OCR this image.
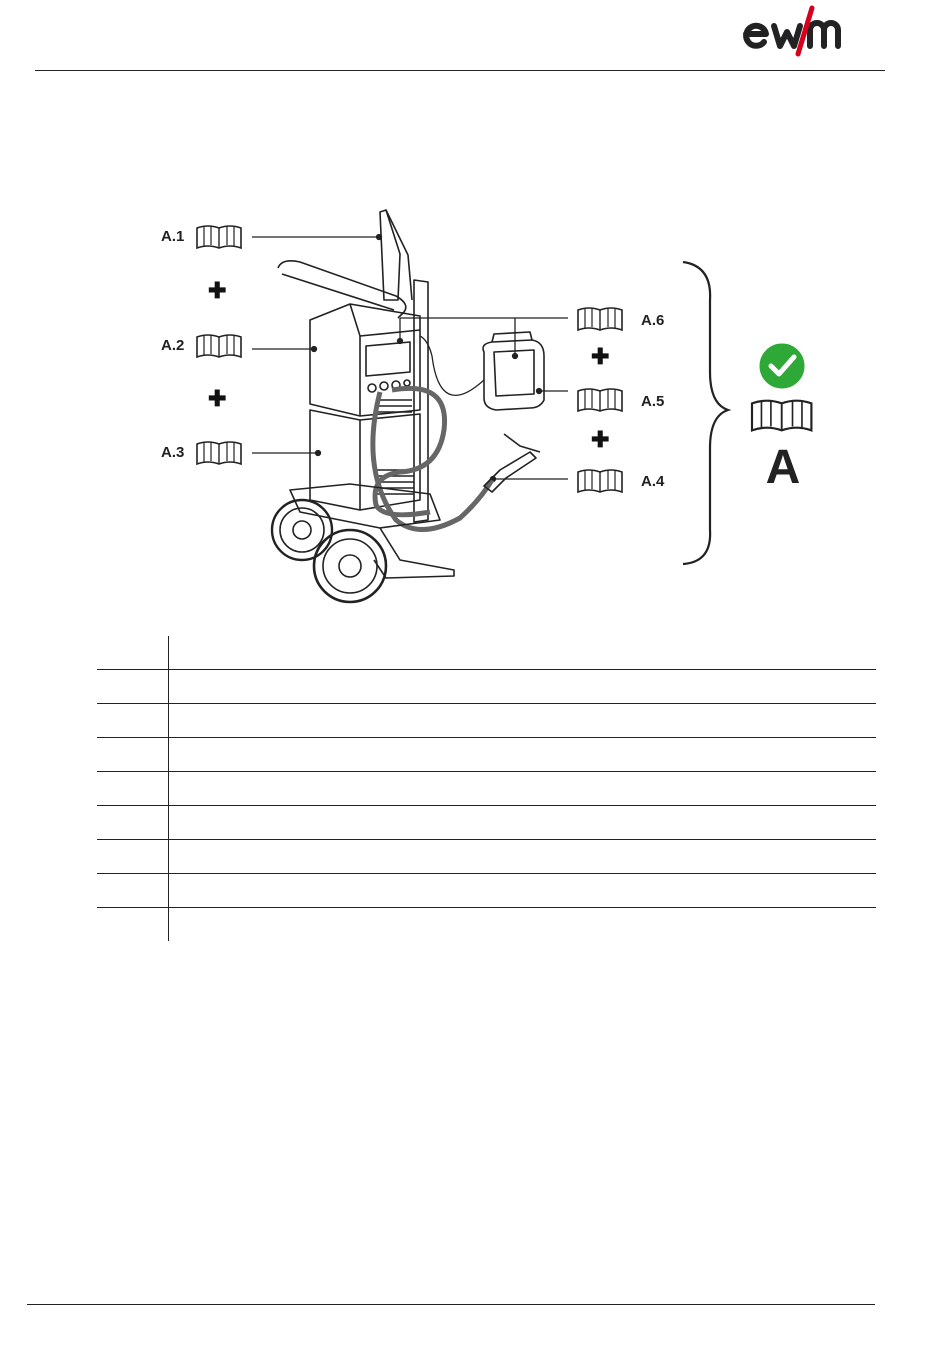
A
A.1
A.2
A.3
A.4
A.5
A.6
✚
✚
✚
✚
